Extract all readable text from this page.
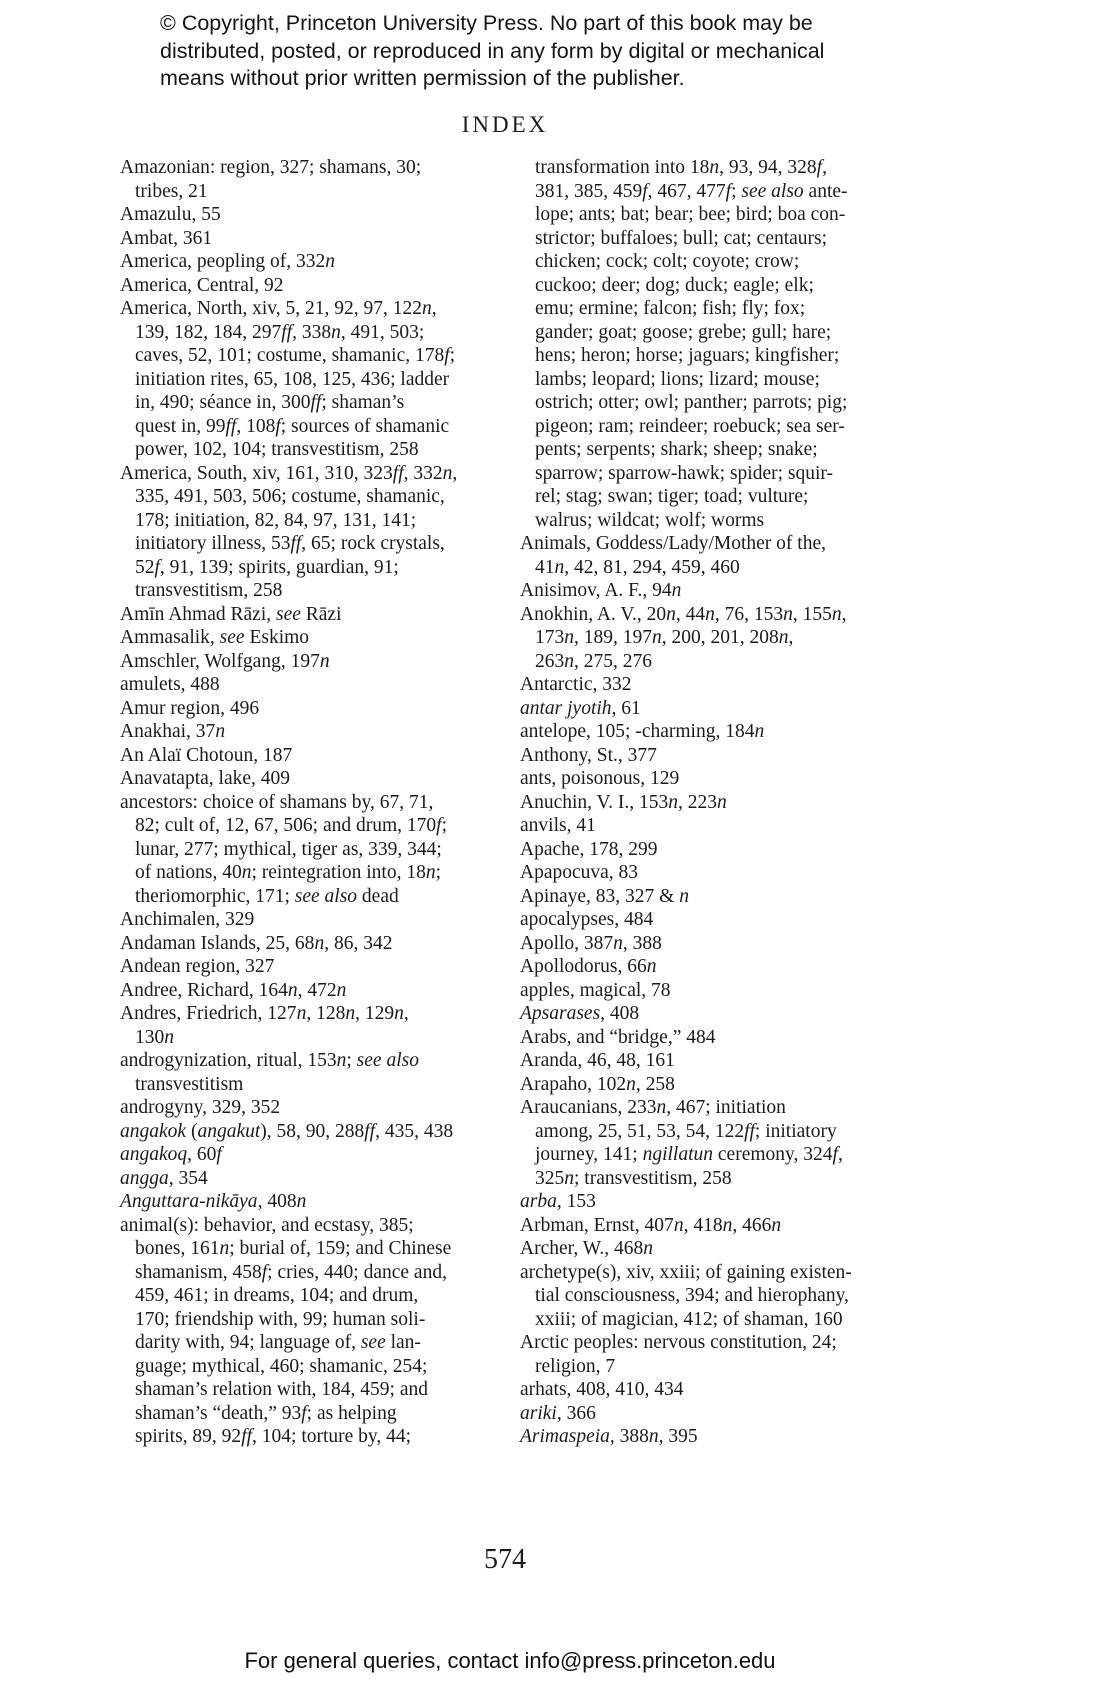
© Copyright, Princeton University Press. No part of this book may be
distributed, posted, or reproduced in any form by digital or mechanical
means without prior written permission of the publisher.
INDEX
Amazonian: region, 327; shamans, 30;
tribes, 21
Amazulu, 55
Ambat, 361
America, peopling of, 332n
America, Central, 92
America, North, xiv, 5, 21, 92, 97, 122n,
139, 182, 184, 297ff, 338n, 491, 503;
caves, 52, 101; costume, shamanic, 178f;
initiation rites, 65, 108, 125, 436; ladder
in, 490; séance in, 300ff; shaman’s
quest in, 99ff, 108f; sources of shamanic
power, 102, 104; transvestitism, 258
America, South, xiv, 161, 310, 323ff, 332n,
335, 491, 503, 506; costume, shamanic,
178; initiation, 82, 84, 97, 131, 141;
initiatory illness, 53ff, 65; rock crystals,
52f, 91, 139; spirits, guardian, 91;
transvestitism, 258
Amīn Ahmad Rāzi, see Rāzi
Ammasalik, see Eskimo
Amschler, Wolfgang, 197n
amulets, 488
Amur region, 496
Anakhai, 37n
An Alaï Chotoun, 187
Anavatapta, lake, 409
ancestors: choice of shamans by, 67, 71,
82; cult of, 12, 67, 506; and drum, 170f;
lunar, 277; mythical, tiger as, 339, 344;
of nations, 40n; reintegration into, 18n;
theriomorphic, 171; see also dead
Anchimalen, 329
Andaman Islands, 25, 68n, 86, 342
Andean region, 327
Andree, Richard, 164n, 472n
Andres, Friedrich, 127n, 128n, 129n,
130n
androgynization, ritual, 153n; see also
transvestitism
androgyny, 329, 352
angakok (angakut), 58, 90, 288ff, 435, 438
angakoq, 60f
angga, 354
Anguttara-nikāya, 408n
animal(s): behavior, and ecstasy, 385;
bones, 161n; burial of, 159; and Chinese
shamanism, 458f; cries, 440; dance and,
459, 461; in dreams, 104; and drum,
170; friendship with, 99; human soli-
darity with, 94; language of, see lan-
guage; mythical, 460; shamanic, 254;
shaman’s relation with, 184, 459; and
shaman’s “death,” 93f; as helping
spirits, 89, 92ff, 104; torture by, 44;
transformation into 18n, 93, 94, 328f,
381, 385, 459f, 467, 477f; see also ante-
lope; ants; bat; bear; bee; bird; boa con-
strictor; buffaloes; bull; cat; centaurs;
chicken; cock; colt; coyote; crow;
cuckoo; deer; dog; duck; eagle; elk;
emu; ermine; falcon; fish; fly; fox;
gander; goat; goose; grebe; gull; hare;
hens; heron; horse; jaguars; kingfisher;
lambs; leopard; lions; lizard; mouse;
ostrich; otter; owl; panther; parrots; pig;
pigeon; ram; reindeer; roebuck; sea ser-
pents; serpents; shark; sheep; snake;
sparrow; sparrow-hawk; spider; squir-
rel; stag; swan; tiger; toad; vulture;
walrus; wildcat; wolf; worms
Animals, Goddess/Lady/Mother of the,
41n, 42, 81, 294, 459, 460
Anisimov, A. F., 94n
Anokhin, A. V., 20n, 44n, 76, 153n, 155n,
173n, 189, 197n, 200, 201, 208n,
263n, 275, 276
Antarctic, 332
antar jyotih, 61
antelope, 105; -charming, 184n
Anthony, St., 377
ants, poisonous, 129
Anuchin, V. I., 153n, 223n
anvils, 41
Apache, 178, 299
Apapocuva, 83
Apinaye, 83, 327 & n
apocalypses, 484
Apollo, 387n, 388
Apollodorus, 66n
apples, magical, 78
Apsarases, 408
Arabs, and “bridge,” 484
Aranda, 46, 48, 161
Arapaho, 102n, 258
Araucanians, 233n, 467; initiation
among, 25, 51, 53, 54, 122ff; initiatory
journey, 141; ngillatun ceremony, 324f,
325n; transvestitism, 258
arba, 153
Arbman, Ernst, 407n, 418n, 466n
Archer, W., 468n
archetype(s), xiv, xxiii; of gaining existen-
tial consciousness, 394; and hierophany,
xxiii; of magician, 412; of shaman, 160
Arctic peoples: nervous constitution, 24;
religion, 7
arhats, 408, 410, 434
ariki, 366
Arimaspeia, 388n, 395
574
For general queries, contact info@press.princeton.edu
